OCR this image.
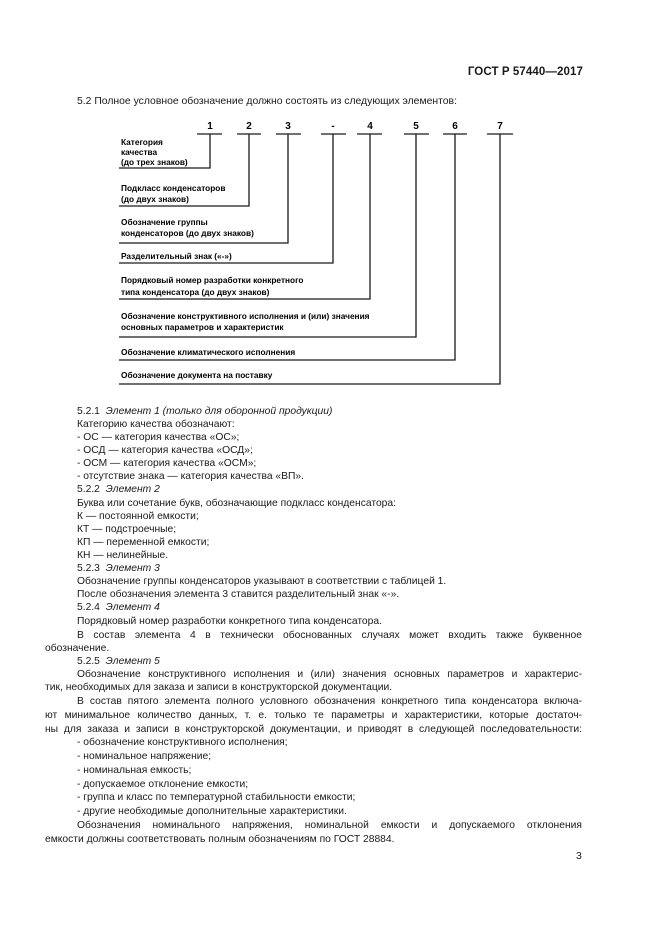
ГОСТ Р 57440—2017
5.2 Полное условное обозначение должно состоять из следующих элементов:
1	2	3	-	4	5	6	7
Категория
качества
(до трех знаков)
Подкласс конденсаторов
(до двух знаков)
Обозначение группы
конденсаторов (до двух знаков)
Разделительный знак («-»)
Порядковый номер разработки конкретного
типа конденсатора (до двух знаков)
Обозначение конструктивного исполнения и (или) значения
основных параметров и характеристик
Обозначение климатического исполнения
Обозначение документа на поставку
5.2.1 Элемент 1 (только для оборонной продукции)
Категорию качества обозначают:
- ОС — категория качества «ОС»;
- ОСД — категория качества «ОСД»;
- ОСМ — категория качества «ОСМ»;
- отсутствие знака — категория качества «ВП».
5.2.2 Элемент 2
Буква или сочетание букв, обозначающие подкласс конденсатора:
К — постоянной емкости;
КТ — подстроечные;
КП — переменной емкости;
КН — нелинейные.
5.2.3 Элемент 3
Обозначение группы конденсаторов указывают в соответствии с таблицей 1.
После обозначения элемента 3 ставится разделительный знак «-».
5.2.4 Элемент 4
Порядковый номер разработки конкретного типа конденсатора.
В состав элемента 4 в технически обоснованных случаях может входить также буквенное
обозначение.
5.2.5 Элемент 5
Обозначение конструктивного исполнения и (или) значения основных параметров и характерис-
тик, необходимых для заказа и записи в конструкторской документации.
В состав пятого элемента полного условного обозначения конкретного типа конденсатора включа-
ют минимальное количество данных, т. е. только те параметры и характеристики, которые достаточ-
ны для заказа и записи в конструкторской документации, и приводят в следующей последовательности:
- обозначение конструктивного исполнения;
- номинальное напряжение;
- номинальная емкость;
- допускаемое отклонение емкости;
- группа и класс по температурной стабильности емкости;
- другие необходимые дополнительные характеристики.
Обозначения номинального напряжения, номинальной емкости и допускаемого отклонения
емкости должны соответствовать полным обозначениям по ГОСТ 28884.
3
